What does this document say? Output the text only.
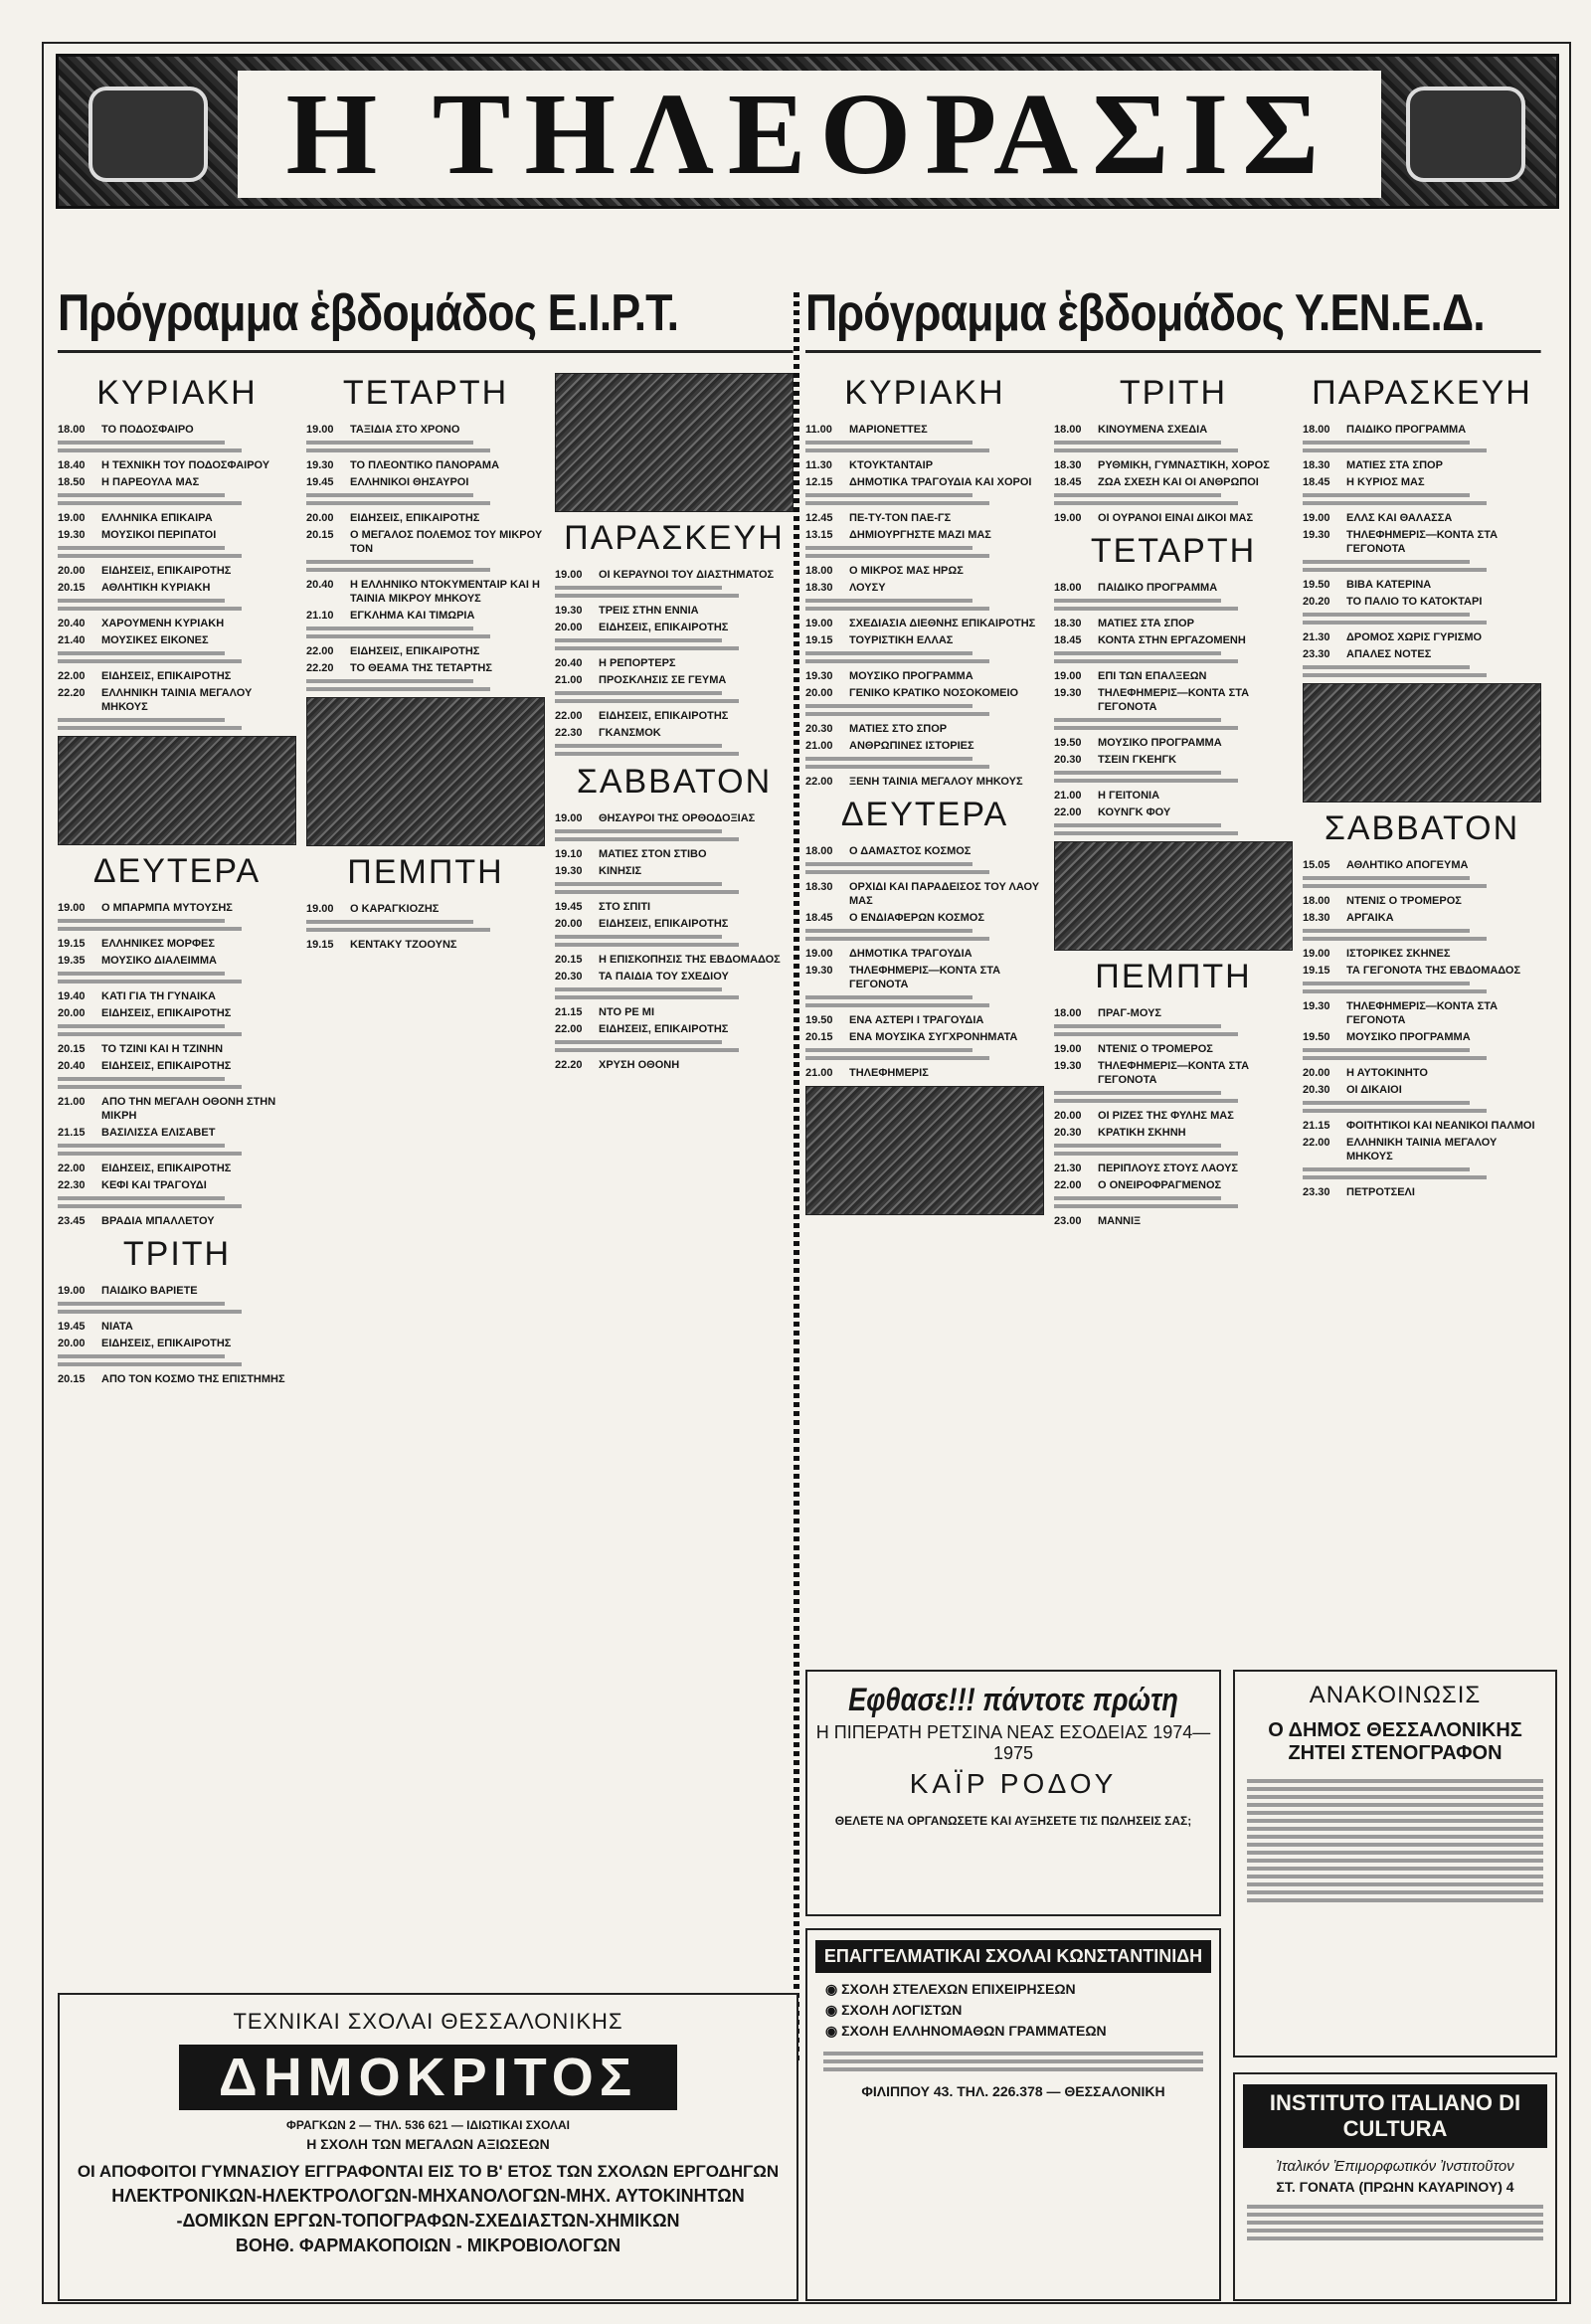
Η ΤΗΛΕΟΡΑΣΙΣ
Πρόγραμμα ἑβδομάδος Ε.Ι.Ρ.Τ.
ΚΥΡΙΑΚΗ
18.00	ΤΟ ΠΟΔΟΣΦΑΙΡΟ
18.40	Η ΤΕΧΝΙΚΗ ΤΟΥ ΠΟΔΟΣΦΑΙΡΟΥ
18.50	Η ΠΑΡΕΟΥΛΑ ΜΑΣ
19.00	ΕΛΛΗΝΙΚΑ ΕΠΙΚΑΙΡΑ
19.30	ΜΟΥΣΙΚΟΙ ΠΕΡΙΠΑΤΟΙ
20.00	ΕΙΔΗΣΕΙΣ, ΕΠΙΚΑΙΡΟΤΗΣ
20.15	ΑΘΛΗΤΙΚΗ ΚΥΡΙΑΚΗ
20.40	ΧΑΡΟΥΜΕΝΗ ΚΥΡΙΑΚΗ
21.40	ΜΟΥΣΙΚΕΣ ΕΙΚΟΝΕΣ
22.00	ΕΙΔΗΣΕΙΣ, ΕΠΙΚΑΙΡΟΤΗΣ
22.20	ΕΛΛΗΝΙΚΗ ΤΑΙΝΙΑ ΜΕΓΑΛΟΥ ΜΗΚΟΥΣ
ΔΕΥΤΕΡΑ
19.00	Ο ΜΠΑΡΜΠΑ ΜΥΤΟΥΣΗΣ
19.15	ΕΛΛΗΝΙΚΕΣ ΜΟΡΦΕΣ
19.35	ΜΟΥΣΙΚΟ ΔΙΑΛΕΙΜΜΑ
19.40	ΚΑΤΙ ΓΙΑ ΤΗ ΓΥΝΑΙΚΑ
20.00	ΕΙΔΗΣΕΙΣ, ΕΠΙΚΑΙΡΟΤΗΣ
20.15	ΤΟ ΤΖΙΝΙ ΚΑΙ Η ΤΖΙΝΗΝ
20.40	ΕΙΔΗΣΕΙΣ, ΕΠΙΚΑΙΡΟΤΗΣ
21.00	ΑΠΟ ΤΗΝ ΜΕΓΑΛΗ ΟΘΟΝΗ ΣΤΗΝ ΜΙΚΡΗ
21.15	ΒΑΣΙΛΙΣΣΑ ΕΛΙΣΑΒΕΤ
22.00	ΕΙΔΗΣΕΙΣ, ΕΠΙΚΑΙΡΟΤΗΣ
22.30	ΚΕΦΙ ΚΑΙ ΤΡΑΓΟΥΔΙ
23.45	ΒΡΑΔΙΑ ΜΠΑΛΛΕΤΟΥ
ΤΡΙΤΗ
19.00	ΠΑΙΔΙΚΟ ΒΑΡΙΕΤΕ
19.45	ΝΙΑΤΑ
20.00	ΕΙΔΗΣΕΙΣ, ΕΠΙΚΑΙΡΟΤΗΣ
20.15	ΑΠΟ ΤΟΝ ΚΟΣΜΟ ΤΗΣ ΕΠΙΣΤΗΜΗΣ
ΤΕΤΑΡΤΗ
19.00	ΤΑΞΙΔΙΑ ΣΤΟ ΧΡΟΝΟ
19.30	ΤΟ ΠΛΕΟΝΤΙΚΟ ΠΑΝΟΡΑΜΑ
19.45	ΕΛΛΗΝΙΚΟΙ ΘΗΣΑΥΡΟΙ
20.00	ΕΙΔΗΣΕΙΣ, ΕΠΙΚΑΙΡΟΤΗΣ
20.15	Ο ΜΕΓΑΛΟΣ ΠΟΛΕΜΟΣ ΤΟΥ ΜΙΚΡΟΥ ΤΟΝ
20.40	Η ΕΛΛΗΝΙΚΟ ΝΤΟΚΥΜΕΝΤΑΙΡ ΚΑΙ Η ΤΑΙΝΙΑ ΜΙΚΡΟΥ ΜΗΚΟΥΣ
21.10	ΕΓΚΛΗΜΑ ΚΑΙ ΤΙΜΩΡΙΑ
22.00	ΕΙΔΗΣΕΙΣ, ΕΠΙΚΑΙΡΟΤΗΣ
22.20	ΤΟ ΘΕΑΜΑ ΤΗΣ ΤΕΤΑΡΤΗΣ
ΠΕΜΠΤΗ
19.00	Ο ΚΑΡΑΓΚΙΟΖΗΣ
19.15	ΚΕΝΤΑΚΥ ΤΖΟΟΥΝΣ
ΠΑΡΑΣΚΕΥΗ
19.00	ΟΙ ΚΕΡΑΥΝΟΙ ΤΟΥ ΔΙΑΣΤΗΜΑΤΟΣ
19.30	ΤΡΕΙΣ ΣΤΗΝ ΕΝΝΙΑ
20.00	ΕΙΔΗΣΕΙΣ, ΕΠΙΚΑΙΡΟΤΗΣ
20.40	Η ΡΕΠΟΡΤΕΡΣ
21.00	ΠΡΟΣΚΛΗΣΙΣ ΣΕ ΓΕΥΜΑ
22.00	ΕΙΔΗΣΕΙΣ, ΕΠΙΚΑΙΡΟΤΗΣ
22.30	ΓΚΑΝΣΜΟΚ
ΣΑΒΒΑΤΟΝ
19.00	ΘΗΣΑΥΡΟΙ ΤΗΣ ΟΡΘΟΔΟΞΙΑΣ
19.10	ΜΑΤΙΕΣ ΣΤΟΝ ΣΤΙΒΟ
19.30	ΚΙΝΗΣΙΣ
19.45	ΣΤΟ ΣΠΙΤΙ
20.00	ΕΙΔΗΣΕΙΣ, ΕΠΙΚΑΙΡΟΤΗΣ
20.15	Η ΕΠΙΣΚΟΠΗΣΙΣ ΤΗΣ ΕΒΔΟΜΑΔΟΣ
20.30	ΤΑ ΠΑΙΔΙΑ ΤΟΥ ΣΧΕΔΙΟΥ
21.15	ΝΤΟ ΡΕ ΜΙ
22.00	ΕΙΔΗΣΕΙΣ, ΕΠΙΚΑΙΡΟΤΗΣ
22.20	ΧΡΥΣΗ ΟΘΟΝΗ
Πρόγραμμα ἑβδομάδος Υ.ΕΝ.Ε.Δ.
ΚΥΡΙΑΚΗ
11.00	ΜΑΡΙΟΝΕΤΤΕΣ
11.30	ΚΤΟΥΚΤΑΝΤΑΙΡ
12.15	ΔΗΜΟΤΙΚΑ ΤΡΑΓΟΥΔΙΑ ΚΑΙ ΧΟΡΟΙ
12.45	ΠΕ-ΤΥ-ΤΟΝ ΠΑΕ-ΓΣ
13.15	ΔΗΜΙΟΥΡΓΗΣΤΕ ΜΑΖΙ ΜΑΣ
18.00	Ο ΜΙΚΡΟΣ ΜΑΣ ΗΡΩΣ
18.30	ΛΟΥΣΥ
19.00	ΣΧΕΔΙΑΣΙΑ ΔΙΕΘΝΗΣ ΕΠΙΚΑΙΡΟΤΗΣ
19.15	ΤΟΥΡΙΣΤΙΚΗ ΕΛΛΑΣ
19.30	ΜΟΥΣΙΚΟ ΠΡΟΓΡΑΜΜΑ
20.00	ΓΕΝΙΚΟ ΚΡΑΤΙΚΟ ΝΟΣΟΚΟΜΕΙΟ
20.30	ΜΑΤΙΕΣ ΣΤΟ ΣΠΟΡ
21.00	ΑΝΘΡΩΠΙΝΕΣ ΙΣΤΟΡΙΕΣ
22.00	ΞΕΝΗ ΤΑΙΝΙΑ ΜΕΓΑΛΟΥ ΜΗΚΟΥΣ
ΔΕΥΤΕΡΑ
18.00	Ο ΔΑΜΑΣΤΟΣ ΚΟΣΜΟΣ
18.30	ΟΡΧΙΔΙ ΚΑΙ ΠΑΡΑΔΕΙΣΟΣ ΤΟΥ ΛΑΟΥ ΜΑΣ
18.45	Ο ΕΝΔΙΑΦΕΡΩΝ ΚΟΣΜΟΣ
19.00	ΔΗΜΟΤΙΚΑ ΤΡΑΓΟΥΔΙΑ
19.30	ΤΗΛΕΦΗΜΕΡΙΣ—ΚΟΝΤΑ ΣΤΑ ΓΕΓΟΝΟΤΑ
19.50	ΕΝΑ ΑΣΤΕΡΙ Ι ΤΡΑΓΟΥΔΙΑ
20.15	ΕΝΑ ΜΟΥΣΙΚΑ ΣΥΓΧΡΟΝΗΜΑΤΑ
21.00	ΤΗΛΕΦΗΜΕΡΙΣ
ΤΡΙΤΗ
18.00	ΚΙΝΟΥΜΕΝΑ ΣΧΕΔΙΑ
18.30	ΡΥΘΜΙΚΗ, ΓΥΜΝΑΣΤΙΚΗ, ΧΟΡΟΣ
18.45	ΖΩΑ ΣΧΕΣΗ ΚΑΙ ΟΙ ΑΝΘΡΩΠΟΙ
19.00	ΟΙ ΟΥΡΑΝΟΙ ΕΙΝΑΙ ΔΙΚΟΙ ΜΑΣ
ΤΕΤΑΡΤΗ
18.00	ΠΑΙΔΙΚΟ ΠΡΟΓΡΑΜΜΑ
18.30	ΜΑΤΙΕΣ ΣΤΑ ΣΠΟΡ
18.45	ΚΟΝΤΑ ΣΤΗΝ ΕΡΓΑΖΟΜΕΝΗ
19.00	ΕΠΙ ΤΩΝ ΕΠΑΛΞΕΩΝ
19.30	ΤΗΛΕΦΗΜΕΡΙΣ—ΚΟΝΤΑ ΣΤΑ ΓΕΓΟΝΟΤΑ
19.50	ΜΟΥΣΙΚΟ ΠΡΟΓΡΑΜΜΑ
20.30	ΤΣΕΙΝ ΓΚΕΗΓΚ
21.00	Η ΓΕΙΤΟΝΙΑ
22.00	ΚΟΥΝΓΚ ΦΟΥ
ΠΕΜΠΤΗ
18.00	ΠΡΑΓ-ΜΟΥΣ
19.00	ΝΤΕΝΙΣ Ο ΤΡΟΜΕΡΟΣ
19.30	ΤΗΛΕΦΗΜΕΡΙΣ—ΚΟΝΤΑ ΣΤΑ ΓΕΓΟΝΟΤΑ
20.00	ΟΙ ΡΙΖΕΣ ΤΗΣ ΦΥΛΗΣ ΜΑΣ
20.30	ΚΡΑΤΙΚΗ ΣΚΗΝΗ
21.30	ΠΕΡΙΠΛΟΥΣ ΣΤΟΥΣ ΛΑΟΥΣ
22.00	Ο ΟΝΕΙΡΟΦΡΑΓΜΕΝΟΣ
23.00	ΜΑΝΝΙΞ
ΠΑΡΑΣΚΕΥΗ
18.00	ΠΑΙΔΙΚΟ ΠΡΟΓΡΑΜΜΑ
18.30	ΜΑΤΙΕΣ ΣΤΑ ΣΠΟΡ
18.45	Η ΚΥΡΙΟΣ ΜΑΣ
19.00	ΕΛΛΣ ΚΑΙ ΘΑΛΑΣΣΑ
19.30	ΤΗΛΕΦΗΜΕΡΙΣ—ΚΟΝΤΑ ΣΤΑ ΓΕΓΟΝΟΤΑ
19.50	ΒΙΒΑ ΚΑΤΕΡΙΝΑ
20.20	ΤΟ ΠΑΛΙΟ ΤΟ ΚΑΤΟΚΤΑΡΙ
21.30	ΔΡΟΜΟΣ ΧΩΡΙΣ ΓΥΡΙΣΜΟ
23.30	ΑΠΑΛΕΣ ΝΟΤΕΣ
ΣΑΒΒΑΤΟΝ
15.05	ΑΘΛΗΤΙΚΟ ΑΠΟΓΕΥΜΑ
18.00	ΝΤΕΝΙΣ Ο ΤΡΟΜΕΡΟΣ
18.30	ΑΡΓΑΙΚΑ
19.00	ΙΣΤΟΡΙΚΕΣ ΣΚΗΝΕΣ
19.15	ΤΑ ΓΕΓΟΝΟΤΑ ΤΗΣ ΕΒΔΟΜΑΔΟΣ
19.30	ΤΗΛΕΦΗΜΕΡΙΣ—ΚΟΝΤΑ ΣΤΑ ΓΕΓΟΝΟΤΑ
19.50	ΜΟΥΣΙΚΟ ΠΡΟΓΡΑΜΜΑ
20.00	Η ΑΥΤΟΚΙΝΗΤΟ
20.30	ΟΙ ΔΙΚΑΙΟΙ
21.15	ΦΟΙΤΗΤΙΚΟΙ ΚΑΙ ΝΕΑΝΙΚΟΙ ΠΑΛΜΟΙ
22.00	ΕΛΛΗΝΙΚΗ ΤΑΙΝΙΑ ΜΕΓΑΛΟΥ ΜΗΚΟΥΣ
23.30	ΠΕΤΡΟΤΣΕΛΙ
Εφθασε!!! πάντοτε πρώτη
Η ΠΙΠΕΡΑΤΗ ΡΕΤΣΙΝΑ ΝΕΑΣ ΕΣΟΔΕΙΑΣ 1974—1975
ΚΑΪΡ ΡΟΔΟΥ
ΘΕΛΕΤΕ ΝΑ ΟΡΓΑΝΩΣΕΤΕ ΚΑΙ ΑΥΞΗΣΕΤΕ ΤΙΣ ΠΩΛΗΣΕΙΣ ΣΑΣ;
ΑΝΑΚΟΙΝΩΣΙΣ
Ο ΔΗΜΟΣ ΘΕΣΣΑΛΟΝΙΚΗΣ
ΖΗΤΕΙ ΣΤΕΝΟΓΡΑΦΟΝ
ΕΠΑΓΓΕΛΜΑΤΙΚΑΙ ΣΧΟΛΑΙ ΚΩΝΣΤΑΝΤΙΝΙΔΗ
◉ ΣΧΟΛΗ ΣΤΕΛΕΧΩΝ ΕΠΙΧΕΙΡΗΣΕΩΝ
◉ ΣΧΟΛΗ ΛΟΓΙΣΤΩΝ
◉ ΣΧΟΛΗ ΕΛΛΗΝΟΜΑΘΩΝ ΓΡΑΜΜΑΤΕΩΝ
ΦΙΛΙΠΠΟΥ 43. ΤΗΛ. 226.378 — ΘΕΣΣΑΛΟΝΙΚΗ	INSTITUTO ITALIANO DI CULTURA
Ἰταλικόν Ἐπιμορφωτικόν Ἰνστιτοῦτον
ΣΤ. ΓΟΝΑΤΑ (ΠΡΩΗΝ ΚΑΥΑΡΙΝΟΥ) 4
ΤΕΧΝΙΚΑΙ ΣΧΟΛΑΙ ΘΕΣΣΑΛΟΝΙΚΗΣ
ΔΗΜΟΚΡΙΤΟΣ
ΦΡΑΓΚΩΝ 2 — ΤΗΛ. 536 621 — ΙΔΙΩΤΙΚΑΙ ΣΧΟΛΑΙ
Η ΣΧΟΛΗ ΤΩΝ ΜΕΓΑΛΩΝ ΑΞΙΩΣΕΩΝ
ΟΙ ΑΠΟΦΟΙΤΟΙ ΓΥΜΝΑΣΙΟΥ ΕΓΓΡΑΦΟΝΤΑΙ ΕΙΣ ΤΟ Β' ΕΤΟΣ ΤΩΝ ΣΧΟΛΩΝ ΕΡΓΟΔΗΓΩΝ
ΗΛΕΚΤΡΟΝΙΚΩΝ-ΗΛΕΚΤΡΟΛΟΓΩΝ-ΜΗΧΑΝΟΛΟΓΩΝ-ΜΗΧ. ΑΥΤΟΚΙΝΗΤΩΝ
-ΔΟΜΙΚΩΝ ΕΡΓΩΝ-ΤΟΠΟΓΡΑΦΩΝ-ΣΧΕΔΙΑΣΤΩΝ-ΧΗΜΙΚΩΝ
ΒΟΗΘ. ΦΑΡΜΑΚΟΠΟΙΩΝ - ΜΙΚΡΟΒΙΟΛΟΓΩΝ
